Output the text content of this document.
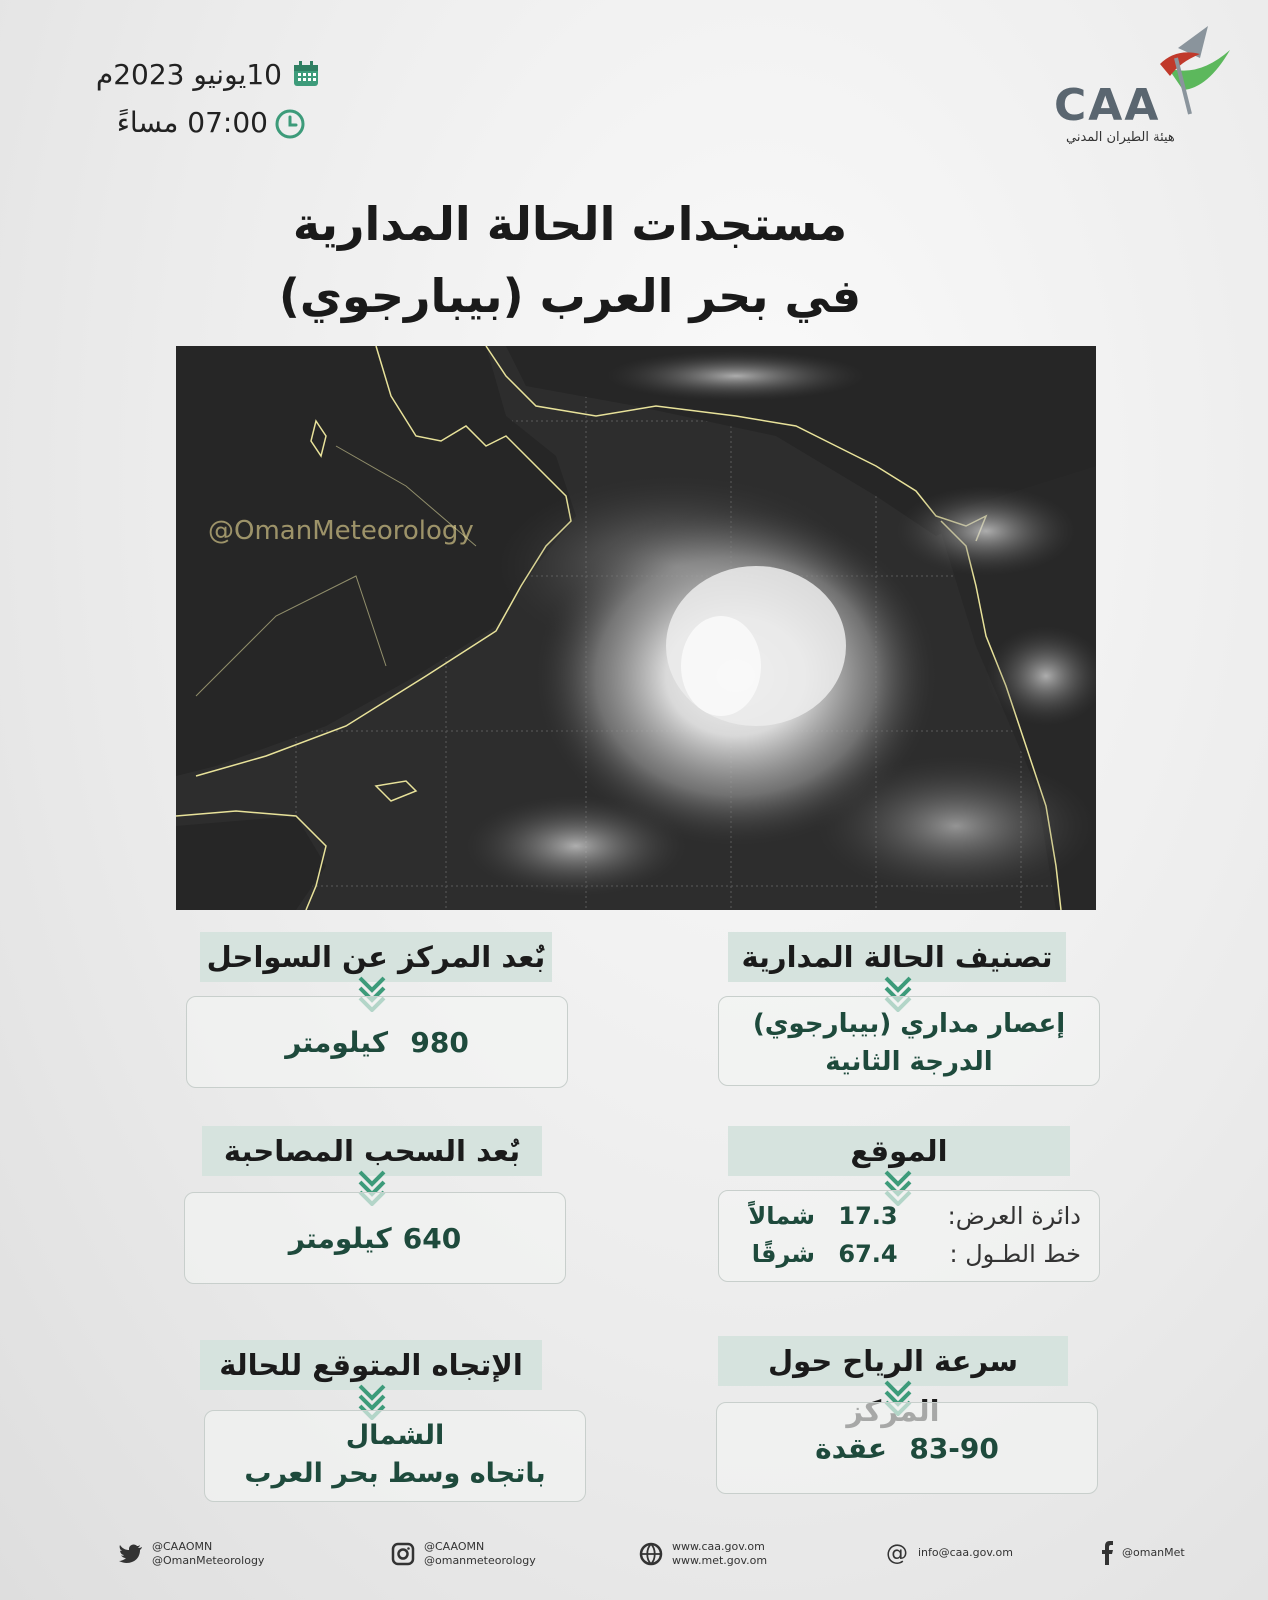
10يونيو 2023م
07:00 مساءً	CAA
هيئة الطيران المدني
مستجدات الحالة المدارية
في بحر العرب (بيبارجوي)
@OmanMeteorology
تصنيف الحالة المدارية
إعصار مداري (بيبارجوي)
الدرجة الثانية
الموقع
دائرة العرض:
17.3
شمالاً
خط الطـول :
67.4
شرقًا
سرعة الرياح حول
83-90    عقدة
بٌعد المركز عن السواحل
980    كيلومتر
بٌعد السحب المصاحبة
640  كيلومتر
الإتجاه المتوقع للحالة
الشمال
باتجاه وسط بحر العرب
@CAAOMN
@OmanMeteorology
@CAAOMN
@omanmeteorology
www.caa.gov.om
www.met.gov.om	@ info@caa.gov.om	@omanMet
